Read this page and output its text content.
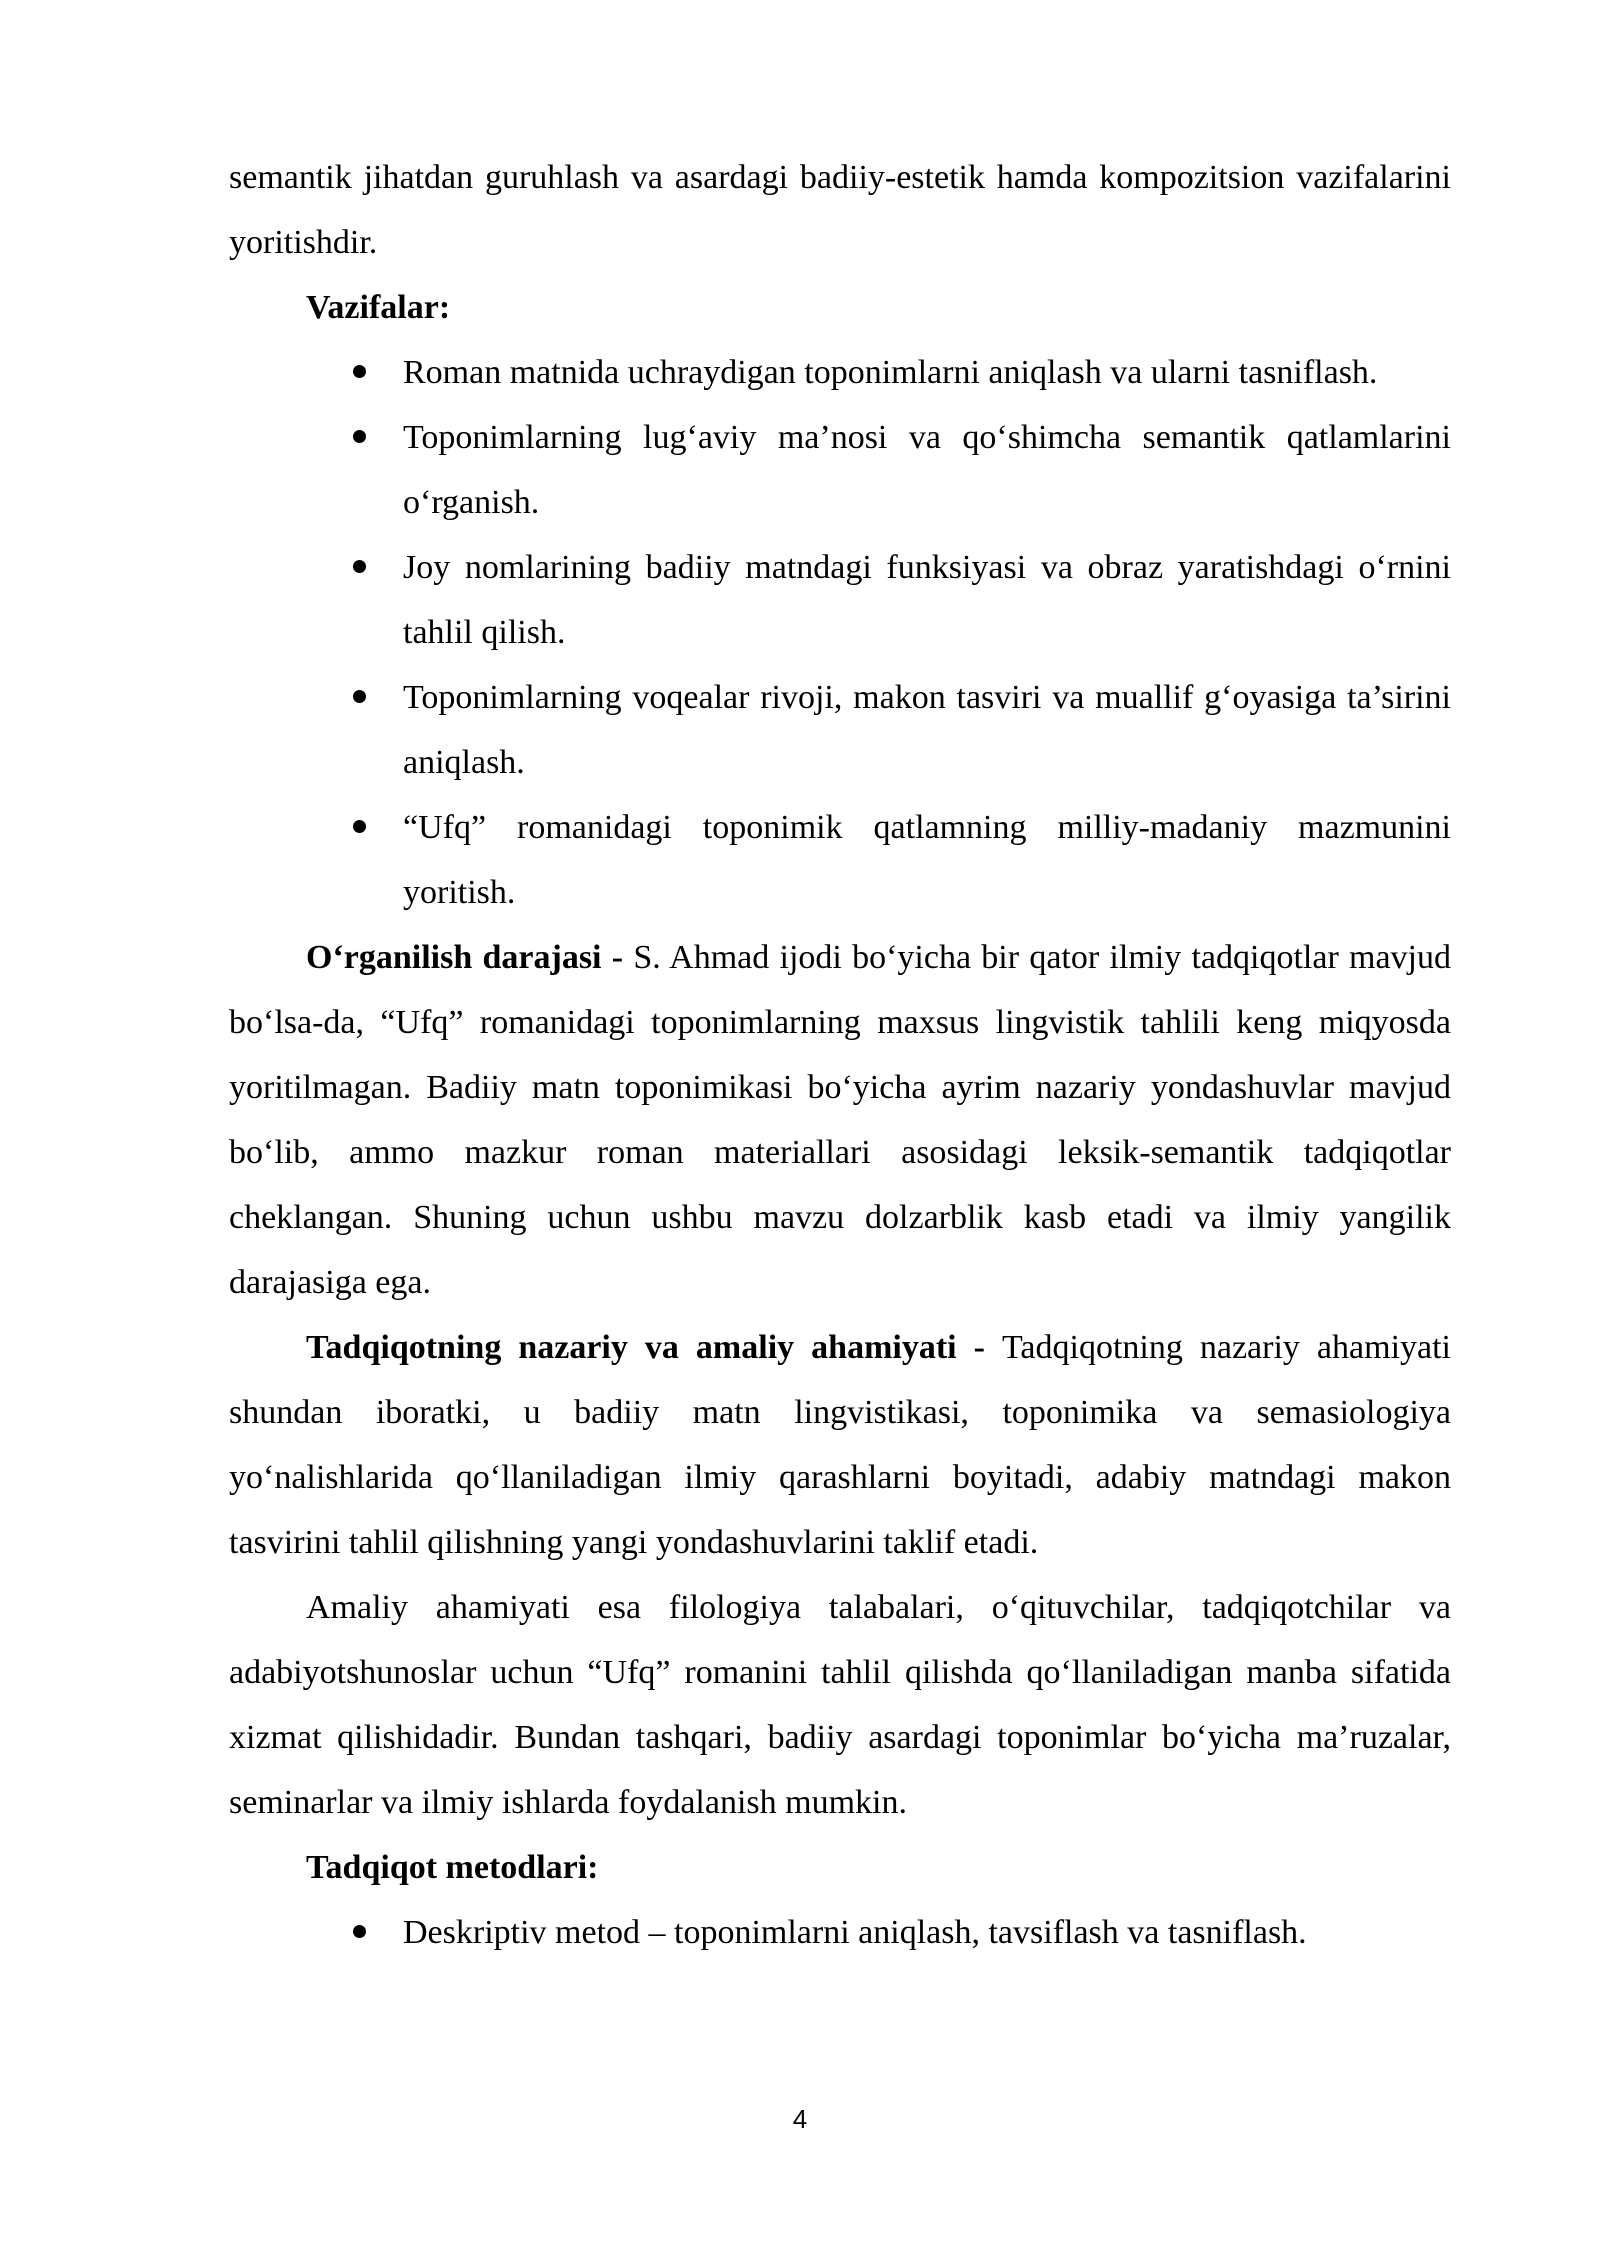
semantik jihatdan guruhlash va asardagi badiiy-estetik hamda kompozitsion vazifalarini yoritishdir.

Vazifalar:
Roman matnida uchraydigan toponimlarni aniqlash va ularni tasniflash.
Toponimlarning lug‘aviy ma’nosi va qo‘shimcha semantik qatlamlarini o‘rganish.
Joy nomlarining badiiy matndagi funksiyasi va obraz yaratishdagi o‘rnini tahlil qilish.
Toponimlarning voqealar rivoji, makon tasviri va muallif g‘oyasiga ta’sirini aniqlash.
“Ufq” romanidagi toponimik qatlamning milliy-madaniy mazmunini yoritish.

O‘rganilish darajasi - S. Ahmad ijodi bo‘yicha bir qator ilmiy tadqiqotlar mavjud bo‘lsa-da, “Ufq” romanidagi toponimlarning maxsus lingvistik tahlili keng miqyosda yoritilmagan. Badiiy matn toponimikasi bo‘yicha ayrim nazariy yondashuvlar mavjud bo‘lib, ammo mazkur roman materiallari asosidagi leksik-semantik tadqiqotlar cheklangan. Shuning uchun ushbu mavzu dolzarblik kasb etadi va ilmiy yangilik darajasiga ega.

Tadqiqotning nazariy va amaliy ahamiyati - Tadqiqotning nazariy ahamiyati shundan iboratki, u badiiy matn lingvistikasi, toponimika va semasiologiya yo‘nalishlarida qo‘llaniladigan ilmiy qarashlarni boyitadi, adabiy matndagi makon tasvirini tahlil qilishning yangi yondashuvlarini taklif etadi.

Amaliy ahamiyati esa filologiya talabalari, o‘qituvchilar, tadqiqotchilar va adabiyotshunoslar uchun “Ufq” romanini tahlil qilishda qo‘llaniladigan manba sifatida xizmat qilishidadir. Bundan tashqari, badiiy asardagi toponimlar bo‘yicha ma’ruzalar, seminarlar va ilmiy ishlarda foydalanish mumkin.

Tadqiqot metodlari:
Deskriptiv metod – toponimlarni aniqlash, tavsiflash va tasniflash.
4
